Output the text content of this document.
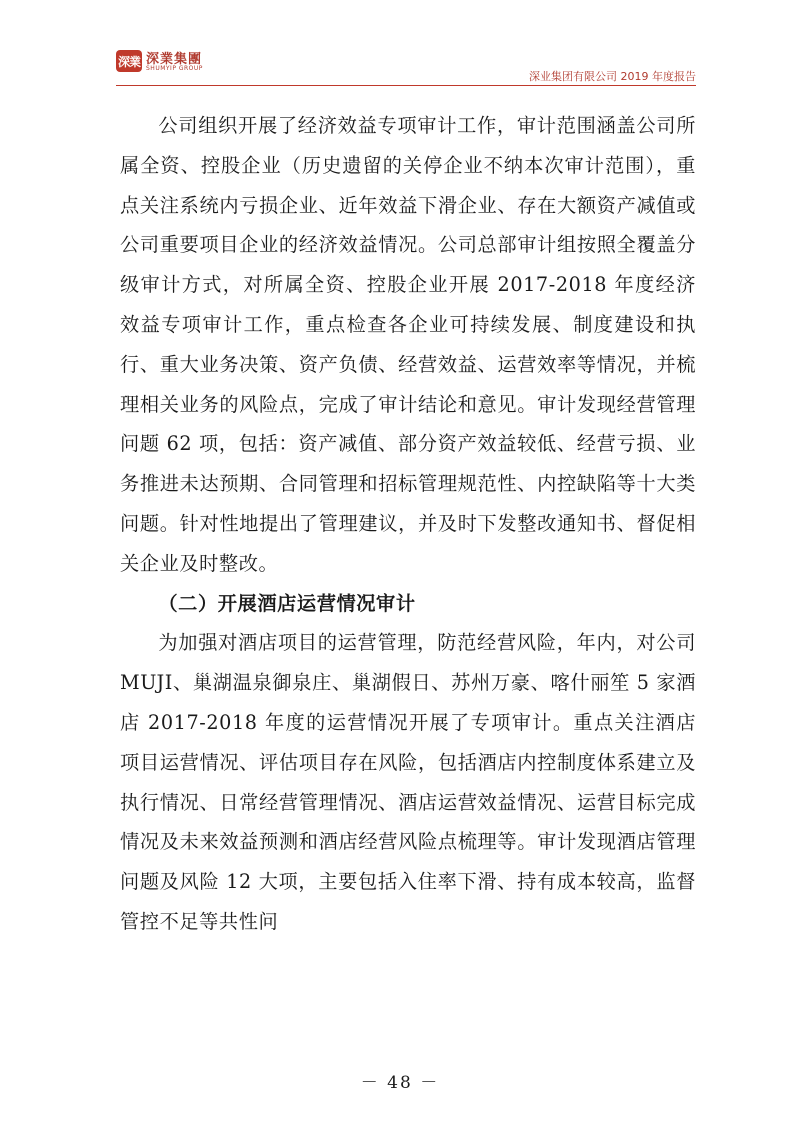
深業 深業集團
SHUMYIP GROUP
深业集团有限公司 2019 年度报告

公司组织开展了经济效益专项审计工作，审计范围涵盖公司所属全资、控股企业（历史遗留的关停企业不纳本次审计范围），重点关注系统内亏损企业、近年效益下滑企业、存在大额资产减值或公司重要项目企业的经济效益情况。公司总部审计组按照全覆盖分级审计方式，对所属全资、控股企业开展 2017-2018 年度经济效益专项审计工作，重点检查各企业可持续发展、制度建设和执行、重大业务决策、资产负债、经营效益、运营效率等情况，并梳理相关业务的风险点，完成了审计结论和意见。审计发现经营管理问题 62 项，包括：资产减值、部分资产效益较低、经营亏损、业务推进未达预期、合同管理和招标管理规范性、内控缺陷等十大类问题。针对性地提出了管理建议，并及时下发整改通知书、督促相关企业及时整改。

（二）开展酒店运营情况审计

为加强对酒店项目的运营管理，防范经营风险，年内，对公司 MUJI、巢湖温泉御泉庄、巢湖假日、苏州万豪、喀什丽笙 5 家酒店 2017-2018 年度的运营情况开展了专项审计。重点关注酒店项目运营情况、评估项目存在风险，包括酒店内控制度体系建立及执行情况、日常经营管理情况、酒店运营效益情况、运营目标完成情况及未来效益预测和酒店经营风险点梳理等。审计发现酒店管理问题及风险 12 大项，主要包括入住率下滑、持有成本较高，监督管控不足等共性问

－ 48 －
